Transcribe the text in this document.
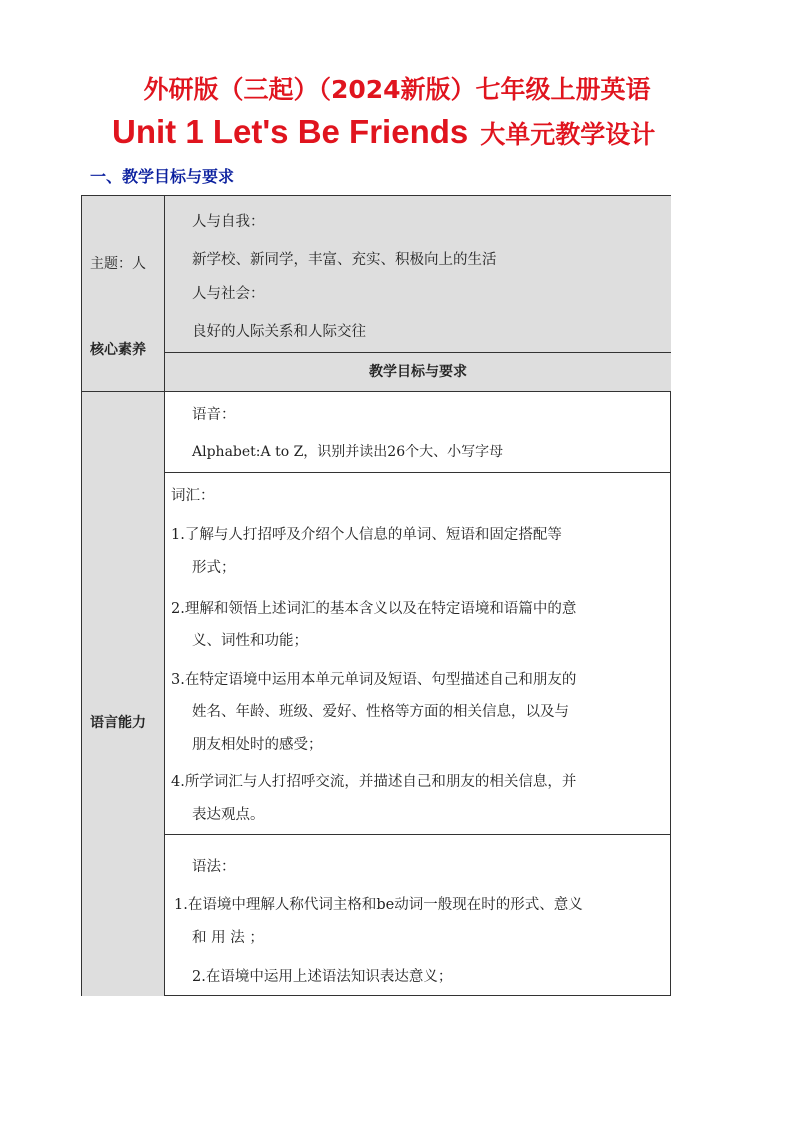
外研版（三起）（2024新版）七年级上册英语
Unit 1 Let's Be Friends 大单元教学设计
一、教学目标与要求
主题：人
核心素养
人与自我：
新学校、新同学，丰富、充实、积极向上的生活
人与社会：
良好的人际关系和人际交往
教学目标与要求
语言能力
语音：
Alphabet:A to Z，识别并读出26个大、小写字母
词汇：
1.了解与人打招呼及介绍个人信息的单词、短语和固定搭配等
形式；
2.理解和领悟上述词汇的基本含义以及在特定语境和语篇中的意
义、词性和功能；
3.在特定语境中运用本单元单词及短语、句型描述自己和朋友的
姓名、年龄、班级、爱好、性格等方面的相关信息，以及与
朋友相处时的感受；
4.所学词汇与人打招呼交流，并描述自己和朋友的相关信息，并
表达观点。
语法：
1.在语境中理解人称代词主格和be动词一般现在时的形式、意义
和 用 法 ；
2.在语境中运用上述语法知识表达意义；
